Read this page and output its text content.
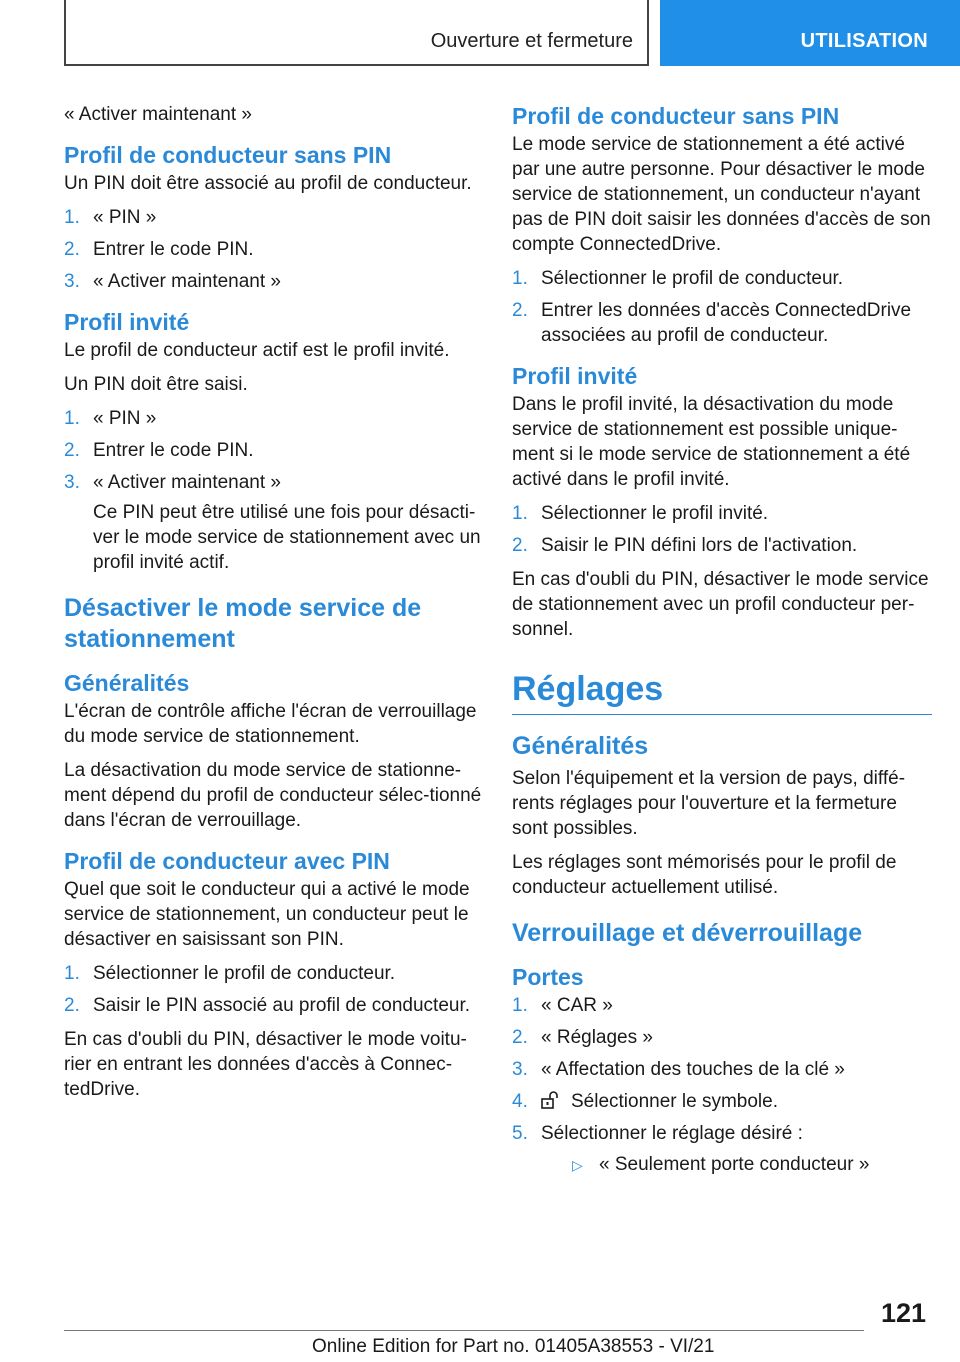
Ouverture et fermeture	UTILISATION
« Activer maintenant »
Profil de conducteur sans PIN
Un PIN doit être associé au profil de conducteur.
1. « PIN »
2. Entrer le code PIN.
3. « Activer maintenant »
Profil invité
Le profil de conducteur actif est le profil invité.
Un PIN doit être saisi.
1. « PIN »
2. Entrer le code PIN.
3. « Activer maintenant »
Ce PIN peut être utilisé une fois pour désacti-ver le mode service de stationnement avec un profil invité actif.
Désactiver le mode service de stationnement
Généralités
L'écran de contrôle affiche l'écran de verrouillage du mode service de stationnement.
La désactivation du mode service de stationne-ment dépend du profil de conducteur sélec-tionné dans l'écran de verrouillage.
Profil de conducteur avec PIN
Quel que soit le conducteur qui a activé le mode service de stationnement, un conducteur peut le désactiver en saisissant son PIN.
1. Sélectionner le profil de conducteur.
2. Saisir le PIN associé au profil de conducteur.
En cas d'oubli du PIN, désactiver le mode voitu-rier en entrant les données d'accès à Connec-tedDrive.
Profil de conducteur sans PIN
Le mode service de stationnement a été activé par une autre personne. Pour désactiver le mode service de stationnement, un conducteur n'ayant pas de PIN doit saisir les données d'accès de son compte ConnectedDrive.
1. Sélectionner le profil de conducteur.
2. Entrer les données d'accès ConnectedDrive associées au profil de conducteur.
Profil invité
Dans le profil invité, la désactivation du mode service de stationnement est possible unique-ment si le mode service de stationnement a été activé dans le profil invité.
1. Sélectionner le profil invité.
2. Saisir le PIN défini lors de l'activation.
En cas d'oubli du PIN, désactiver le mode service de stationnement avec un profil conducteur per-sonnel.
Réglages
Généralités
Selon l'équipement et la version de pays, diffé-rents réglages pour l'ouverture et la fermeture sont possibles.
Les réglages sont mémorisés pour le profil de conducteur actuellement utilisé.
Verrouillage et déverrouillage
Portes
1. « CAR »
2. « Réglages »
3. « Affectation des touches de la clé »
4. Sélectionner le symbole.
5. Sélectionner le réglage désiré :
▷ « Seulement porte conducteur »
121
Online Edition for Part no. 01405A38553 - VI/21
